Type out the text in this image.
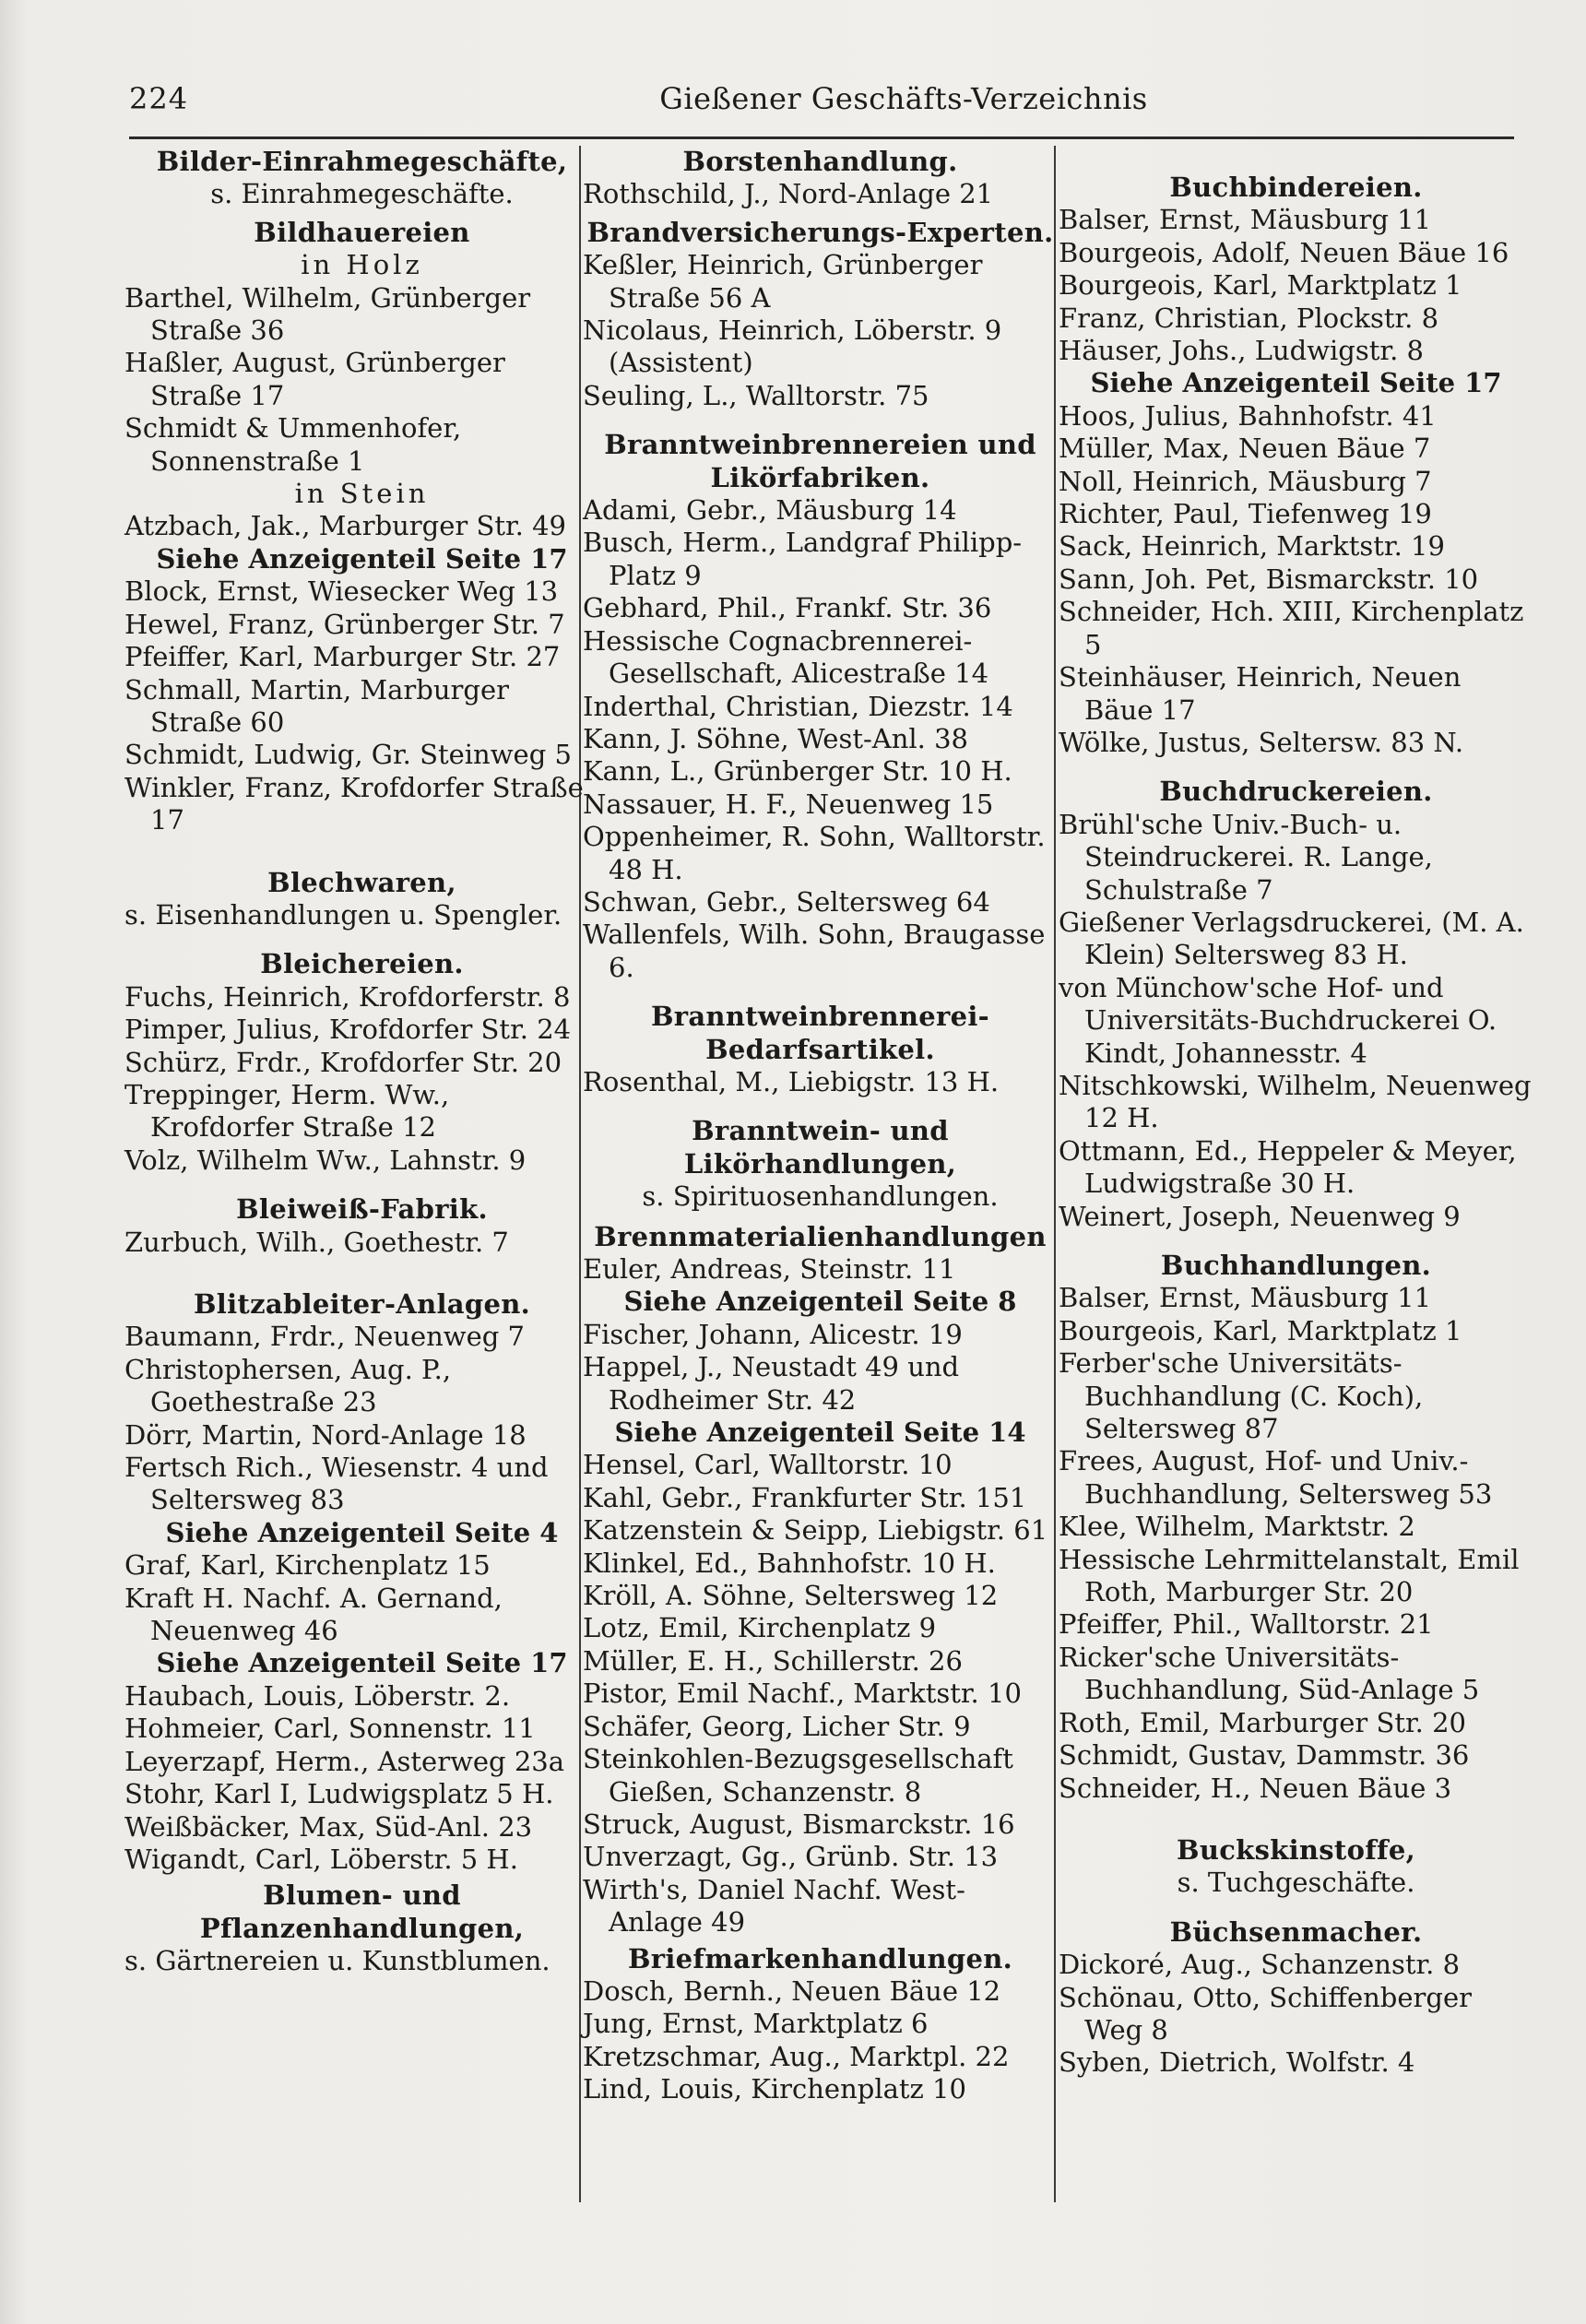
224	Gießener Geschäfts-Verzeichnis
Bilder-Einrahmegeschäfte,
s. Einrahmegeschäfte.
Bildhauereien
in Holz
Barthel, Wilhelm, Grünberger Straße 36
Haßler, August, Grünberger Straße 17
Schmidt & Ummenhofer, Sonnenstraße 1
in Stein
Atzbach, Jak., Marburger Str. 49
Siehe Anzeigenteil Seite 17
Block, Ernst, Wiesecker Weg 13
Hewel, Franz, Grünberger Str. 7
Pfeiffer, Karl, Marburger Str. 27
Schmall, Martin, Marburger Straße 60
Schmidt, Ludwig, Gr. Steinweg 5
Winkler, Franz, Krofdorfer Straße 17
Blechwaren,
s. Eisenhandlungen u. Spengler.
Bleichereien.
Fuchs, Heinrich, Krofdorferstr. 8
Pimper, Julius, Krofdorfer Str. 24
Schürz, Frdr., Krofdorfer Str. 20
Treppinger, Herm. Ww., Krofdorfer Straße 12
Volz, Wilhelm Ww., Lahnstr. 9
Bleiweiß-Fabrik.
Zurbuch, Wilh., Goethestr. 7
Blitzableiter-Anlagen.
Baumann, Frdr., Neuenweg 7
Christophersen, Aug. P., Goethestraße 23
Dörr, Martin, Nord-Anlage 18
Fertsch Rich., Wiesenstr. 4 und Seltersweg 83
Siehe Anzeigenteil Seite 4
Graf, Karl, Kirchenplatz 15
Kraft H. Nachf. A. Gernand, Neuenweg 46
Siehe Anzeigenteil Seite 17
Haubach, Louis, Löberstr. 2.
Hohmeier, Carl, Sonnenstr. 11
Leyerzapf, Herm., Asterweg 23a
Stohr, Karl I, Ludwigsplatz 5 H.
Weißbäcker, Max, Süd-Anl. 23
Wigandt, Carl, Löberstr. 5 H.
Blumen- und Pflanzenhandlungen,
s. Gärtnereien u. Kunstblumen.
Borstenhandlung.
Rothschild, J., Nord-Anlage 21
Brandversicherungs-Experten.
Keßler, Heinrich, Grünberger Straße 56 A
Nicolaus, Heinrich, Löberstr. 9 (Assistent)
Seuling, L., Walltorstr. 75
Branntweinbrennereien und Likörfabriken.
Adami, Gebr., Mäusburg 14
Busch, Herm., Landgraf Philipp-Platz 9
Gebhard, Phil., Frankf. Str. 36
Hessische Cognacbrennerei-Gesellschaft, Alicestraße 14
Inderthal, Christian, Diezstr. 14
Kann, J. Söhne, West-Anl. 38
Kann, L., Grünberger Str. 10 H.
Nassauer, H. F., Neuenweg 15
Oppenheimer, R. Sohn, Walltorstr. 48 H.
Schwan, Gebr., Seltersweg 64
Wallenfels, Wilh. Sohn, Braugasse 6.
Branntweinbrennerei-Bedarfsartikel.
Rosenthal, M., Liebigstr. 13 H.
Branntwein- und Likörhandlungen,
s. Spirituosenhandlungen.
Brennmaterialienhandlungen
Euler, Andreas, Steinstr. 11
Siehe Anzeigenteil Seite 8
Fischer, Johann, Alicestr. 19
Happel, J., Neustadt 49 und Rodheimer Str. 42
Siehe Anzeigenteil Seite 14
Hensel, Carl, Walltorstr. 10
Kahl, Gebr., Frankfurter Str. 151
Katzenstein & Seipp, Liebigstr. 61
Klinkel, Ed., Bahnhofstr. 10 H.
Kröll, A. Söhne, Seltersweg 12
Lotz, Emil, Kirchenplatz 9
Müller, E. H., Schillerstr. 26
Pistor, Emil Nachf., Marktstr. 10
Schäfer, Georg, Licher Str. 9
Steinkohlen-Bezugsgesellschaft Gießen, Schanzenstr. 8
Struck, August, Bismarckstr. 16
Unverzagt, Gg., Grünb. Str. 13
Wirth's, Daniel Nachf. West-Anlage 49
Briefmarkenhandlungen.
Dosch, Bernh., Neuen Bäue 12
Jung, Ernst, Marktplatz 6
Kretzschmar, Aug., Marktpl. 22
Lind, Louis, Kirchenplatz 10
Buchbindereien.
Balser, Ernst, Mäusburg 11
Bourgeois, Adolf, Neuen Bäue 16
Bourgeois, Karl, Marktplatz 1
Franz, Christian, Plockstr. 8
Häuser, Johs., Ludwigstr. 8
Siehe Anzeigenteil Seite 17
Hoos, Julius, Bahnhofstr. 41
Müller, Max, Neuen Bäue 7
Noll, Heinrich, Mäusburg 7
Richter, Paul, Tiefenweg 19
Sack, Heinrich, Marktstr. 19
Sann, Joh. Pet, Bismarckstr. 10
Schneider, Hch. XIII, Kirchenplatz 5
Steinhäuser, Heinrich, Neuen Bäue 17
Wölke, Justus, Seltersw. 83 N.
Buchdruckereien.
Brühl'sche Univ.-Buch- u. Steindruckerei. R. Lange, Schulstraße 7
Gießener Verlagsdruckerei, (M. A. Klein) Seltersweg 83 H.
von Münchow'sche Hof- und Universitäts-Buchdruckerei O. Kindt, Johannesstr. 4
Nitschkowski, Wilhelm, Neuenweg 12 H.
Ottmann, Ed., Heppeler & Meyer, Ludwigstraße 30 H.
Weinert, Joseph, Neuenweg 9
Buchhandlungen.
Balser, Ernst, Mäusburg 11
Bourgeois, Karl, Marktplatz 1
Ferber'sche Universitäts-Buchhandlung (C. Koch), Seltersweg 87
Frees, August, Hof- und Univ.-Buchhandlung, Seltersweg 53
Klee, Wilhelm, Marktstr. 2
Hessische Lehrmittelanstalt, Emil Roth, Marburger Str. 20
Pfeiffer, Phil., Walltorstr. 21
Ricker'sche Universitäts-Buchhandlung, Süd-Anlage 5
Roth, Emil, Marburger Str. 20
Schmidt, Gustav, Dammstr. 36
Schneider, H., Neuen Bäue 3
Buckskinstoffe,
s. Tuchgeschäfte.
Büchsenmacher.
Dickoré, Aug., Schanzenstr. 8
Schönau, Otto, Schiffenberger Weg 8
Syben, Dietrich, Wolfstr. 4
